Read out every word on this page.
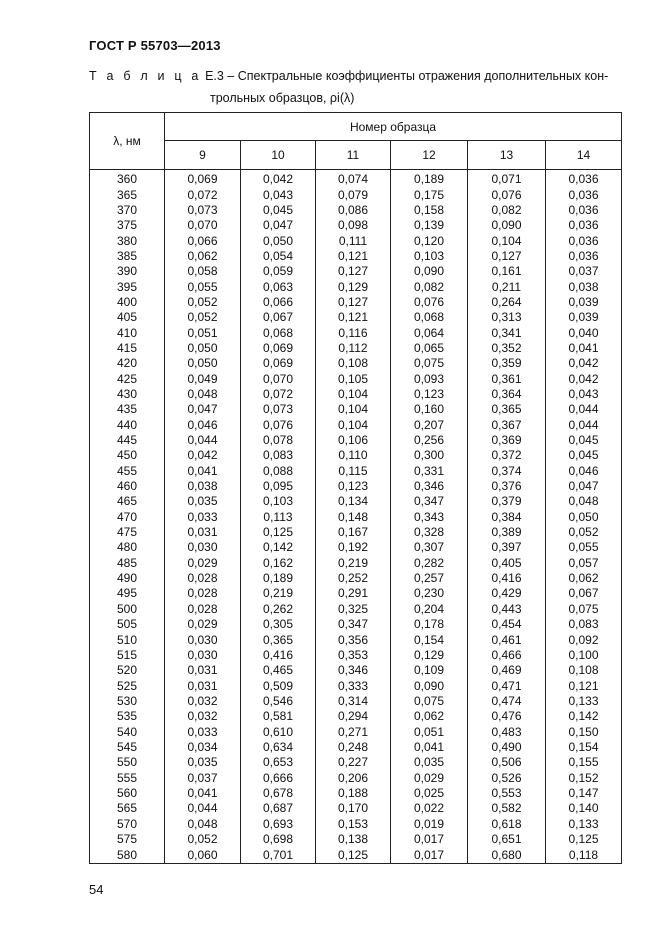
ГОСТ Р 55703—2013
Т а б л и ц а Е.3 – Спектральные коэффициенты отражения дополнительных кон-
трольных образцов, ρi(λ)
λ, нм	Номер образца					
	9	10	11	12	13	14
360	0,069	0,042	0,074	0,189	0,071	0,036
365	0,072	0,043	0,079	0,175	0,076	0,036
370	0,073	0,045	0,086	0,158	0,082	0,036
375	0,070	0,047	0,098	0,139	0,090	0,036
380	0,066	0,050	0,111	0,120	0,104	0,036
385	0,062	0,054	0,121	0,103	0,127	0,036
390	0,058	0,059	0,127	0,090	0,161	0,037
395	0,055	0,063	0,129	0,082	0,211	0,038
400	0,052	0,066	0,127	0,076	0,264	0,039
405	0,052	0,067	0,121	0,068	0,313	0,039
410	0,051	0,068	0,116	0,064	0,341	0,040
415	0,050	0,069	0,112	0,065	0,352	0,041
420	0,050	0,069	0,108	0,075	0,359	0,042
425	0,049	0,070	0,105	0,093	0,361	0,042
430	0,048	0,072	0,104	0,123	0,364	0,043
435	0,047	0,073	0,104	0,160	0,365	0,044
440	0,046	0,076	0,104	0,207	0,367	0,044
445	0,044	0,078	0,106	0,256	0,369	0,045
450	0,042	0,083	0,110	0,300	0,372	0,045
455	0,041	0,088	0,115	0,331	0,374	0,046
460	0,038	0,095	0,123	0,346	0,376	0,047
465	0,035	0,103	0,134	0,347	0,379	0,048
470	0,033	0,113	0,148	0,343	0,384	0,050
475	0,031	0,125	0,167	0,328	0,389	0,052
480	0,030	0,142	0,192	0,307	0,397	0,055
485	0,029	0,162	0,219	0,282	0,405	0,057
490	0,028	0,189	0,252	0,257	0,416	0,062
495	0,028	0,219	0,291	0,230	0,429	0,067
500	0,028	0,262	0,325	0,204	0,443	0,075
505	0,029	0,305	0,347	0,178	0,454	0,083
510	0,030	0,365	0,356	0,154	0,461	0,092
515	0,030	0,416	0,353	0,129	0,466	0,100
520	0,031	0,465	0,346	0,109	0,469	0,108
525	0,031	0,509	0,333	0,090	0,471	0,121
530	0,032	0,546	0,314	0,075	0,474	0,133
535	0,032	0,581	0,294	0,062	0,476	0,142
540	0,033	0,610	0,271	0,051	0,483	0,150
545	0,034	0,634	0,248	0,041	0,490	0,154
550	0,035	0,653	0,227	0,035	0,506	0,155
555	0,037	0,666	0,206	0,029	0,526	0,152
560	0,041	0,678	0,188	0,025	0,553	0,147
565	0,044	0,687	0,170	0,022	0,582	0,140
570	0,048	0,693	0,153	0,019	0,618	0,133
575	0,052	0,698	0,138	0,017	0,651	0,125
580	0,060	0,701	0,125	0,017	0,680	0,118
54
